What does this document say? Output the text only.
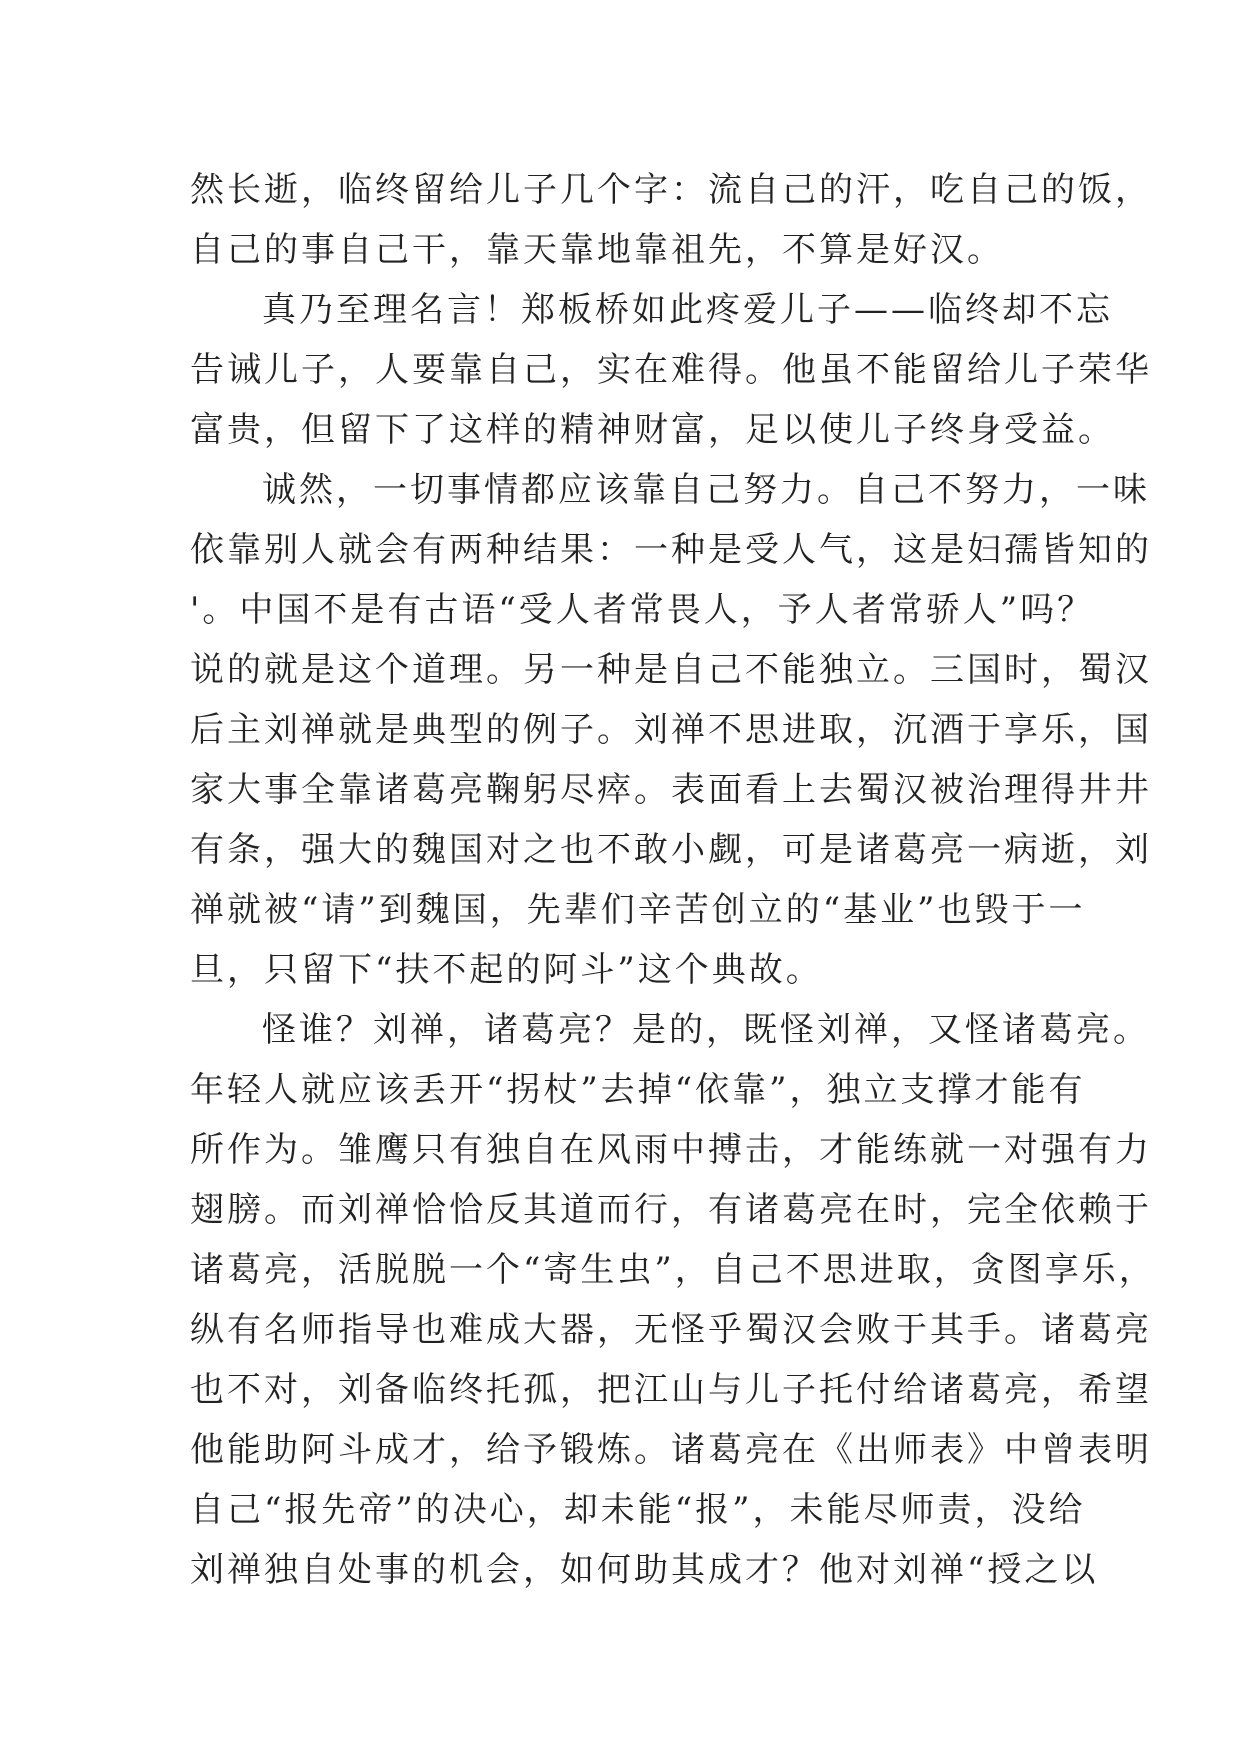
然长逝，临终留给儿子几个字：流自己的汗，吃自己的饭，
自己的事自己干，靠天靠地靠祖先，不算是好汉。
真乃至理名言！郑板桥如此疼爱儿子——临终却不忘
告诫儿子，人要靠自己，实在难得。他虽不能留给儿子荣华
富贵，但留下了这样的精神财富，足以使儿子终身受益。
诚然，一切事情都应该靠自己努力。自己不努力，一味
依靠别人就会有两种结果：一种是受人气，这是妇孺皆知的
'。中国不是有古语“受人者常畏人，予人者常骄人”吗？
说的就是这个道理。另一种是自己不能独立。三国时，蜀汉
后主刘禅就是典型的例子。刘禅不思进取，沉酒于享乐，国
家大事全靠诸葛亮鞠躬尽瘁。表面看上去蜀汉被治理得井井
有条，强大的魏国对之也不敢小觑，可是诸葛亮一病逝，刘
禅就被“请”到魏国，先辈们辛苦创立的“基业”也毁于一
旦，只留下“扶不起的阿斗”这个典故。
怪谁？刘禅，诸葛亮？是的，既怪刘禅，又怪诸葛亮。
年轻人就应该丢开“拐杖”去掉“依靠”，独立支撑才能有
所作为。雏鹰只有独自在风雨中搏击，才能练就一对强有力
翅膀。而刘禅恰恰反其道而行，有诸葛亮在时，完全依赖于
诸葛亮，活脱脱一个“寄生虫”，自己不思进取，贪图享乐，
纵有名师指导也难成大器，无怪乎蜀汉会败于其手。诸葛亮
也不对，刘备临终托孤，把江山与儿子托付给诸葛亮，希望
他能助阿斗成才，给予锻炼。诸葛亮在《出师表》中曾表明
自己“报先帝”的决心，却未能“报”，未能尽师责，没给
刘禅独自处事的机会，如何助其成才？他对刘禅“授之以
